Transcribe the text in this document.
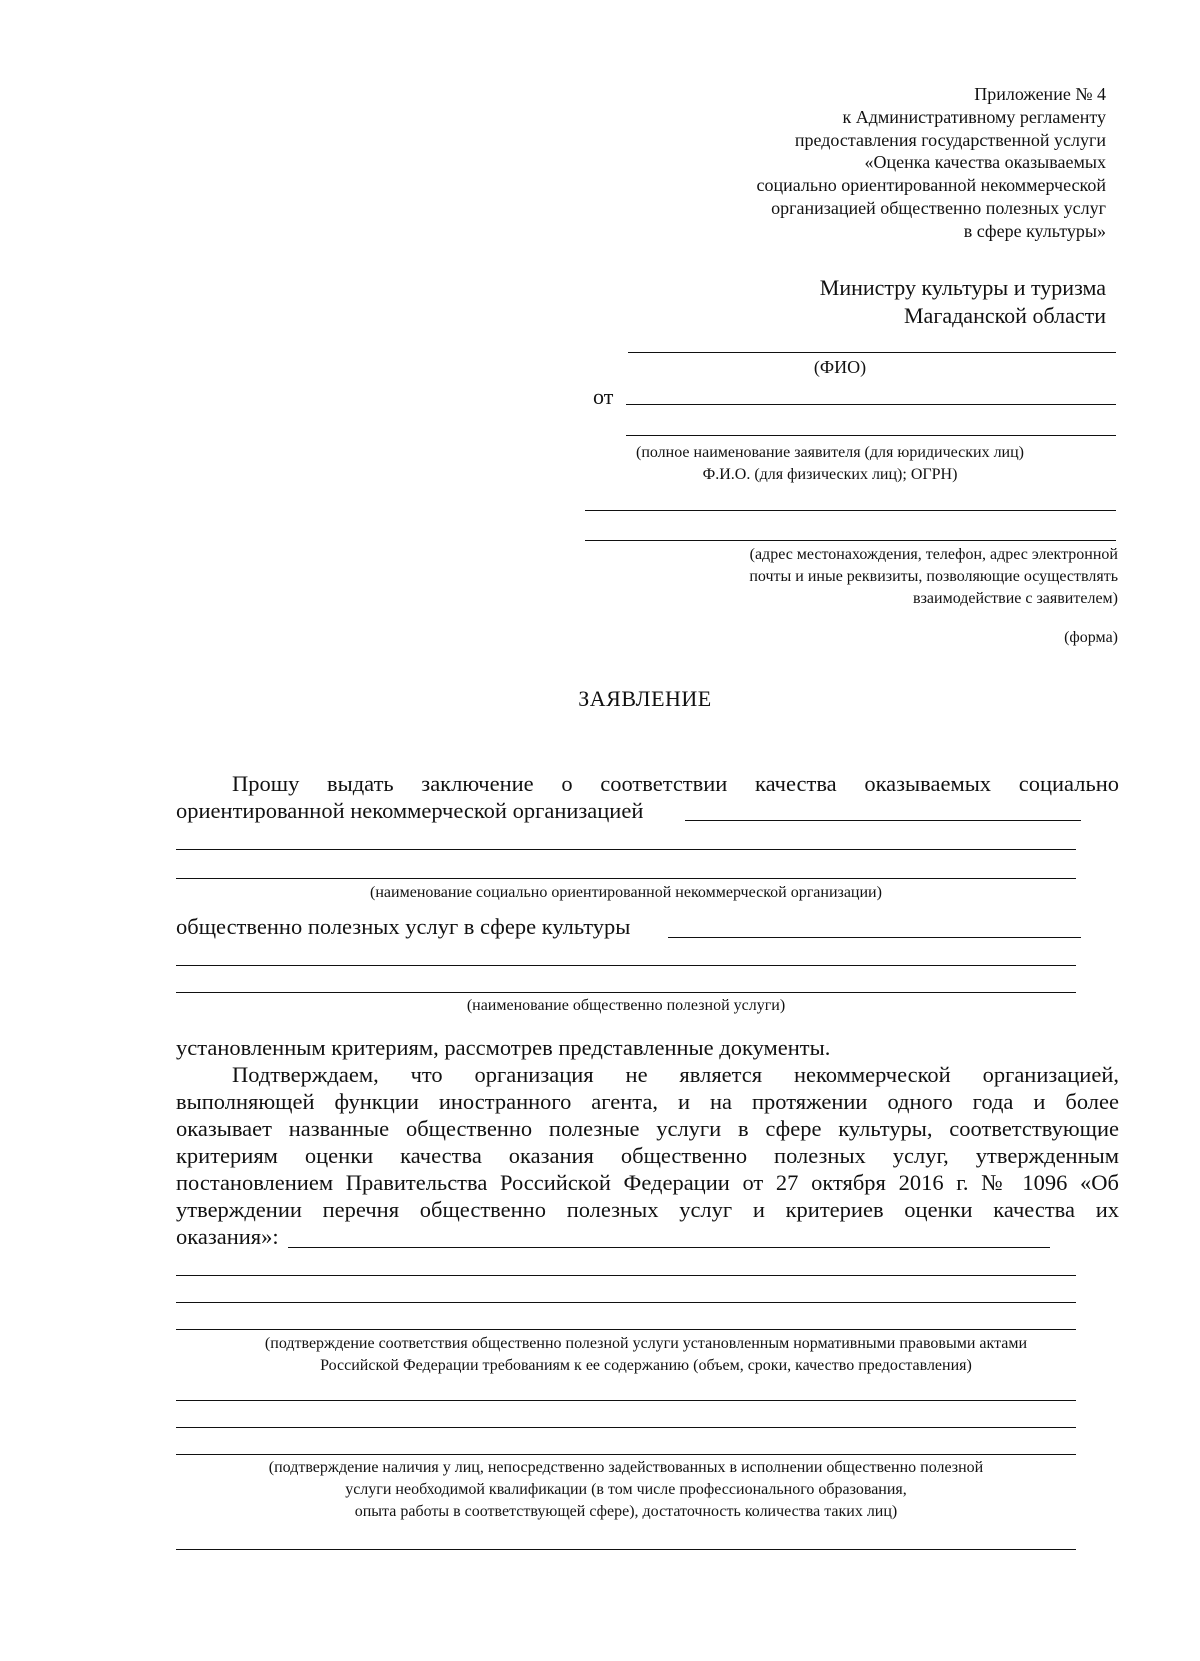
Приложение № 4
к Административному регламенту
предоставления государственной услуги
«Оценка качества оказываемых
социально ориентированной некоммерческой
организацией общественно полезных услуг
в сфере культуры»
Министру культуры и туризма
Магаданской области
(ФИО)
от
(полное наименование заявителя (для юридических лиц)
Ф.И.О. (для физических лиц); ОГРН)
(адрес местонахождения, телефон, адрес электронной
почты и иные реквизиты, позволяющие осуществлять
взаимодействие с заявителем)
(форма)
ЗАЯВЛЕНИЕ
Прошу выдать заключение о соответствии качества оказываемых социально
ориентированной некоммерческой организацией
(наименование социально ориентированной некоммерческой организации)
общественно полезных услуг в сфере культуры
(наименование общественно полезной услуги)
установленным критериям, рассмотрев представленные документы.
Подтверждаем, что организация не является некоммерческой организацией,
выполняющей функции иностранного агента, и на протяжении одного года и более
оказывает названные общественно полезные услуги в сфере культуры, соответствующие
критериям оценки качества оказания общественно полезных услуг, утвержденным
постановлением Правительства Российской Федерации от 27 октября 2016 г. № 1096 «Об
утверждении перечня общественно полезных услуг и критериев оценки качества их
оказания»:
(подтверждение соответствия общественно полезной услуги установленным нормативными правовыми актами
Российской Федерации требованиям к ее содержанию (объем, сроки, качество предоставления)
(подтверждение наличия у лиц, непосредственно задействованных в исполнении общественно полезной
услуги необходимой квалификации (в том числе профессионального образования,
опыта работы в соответствующей сфере), достаточность количества таких лиц)
